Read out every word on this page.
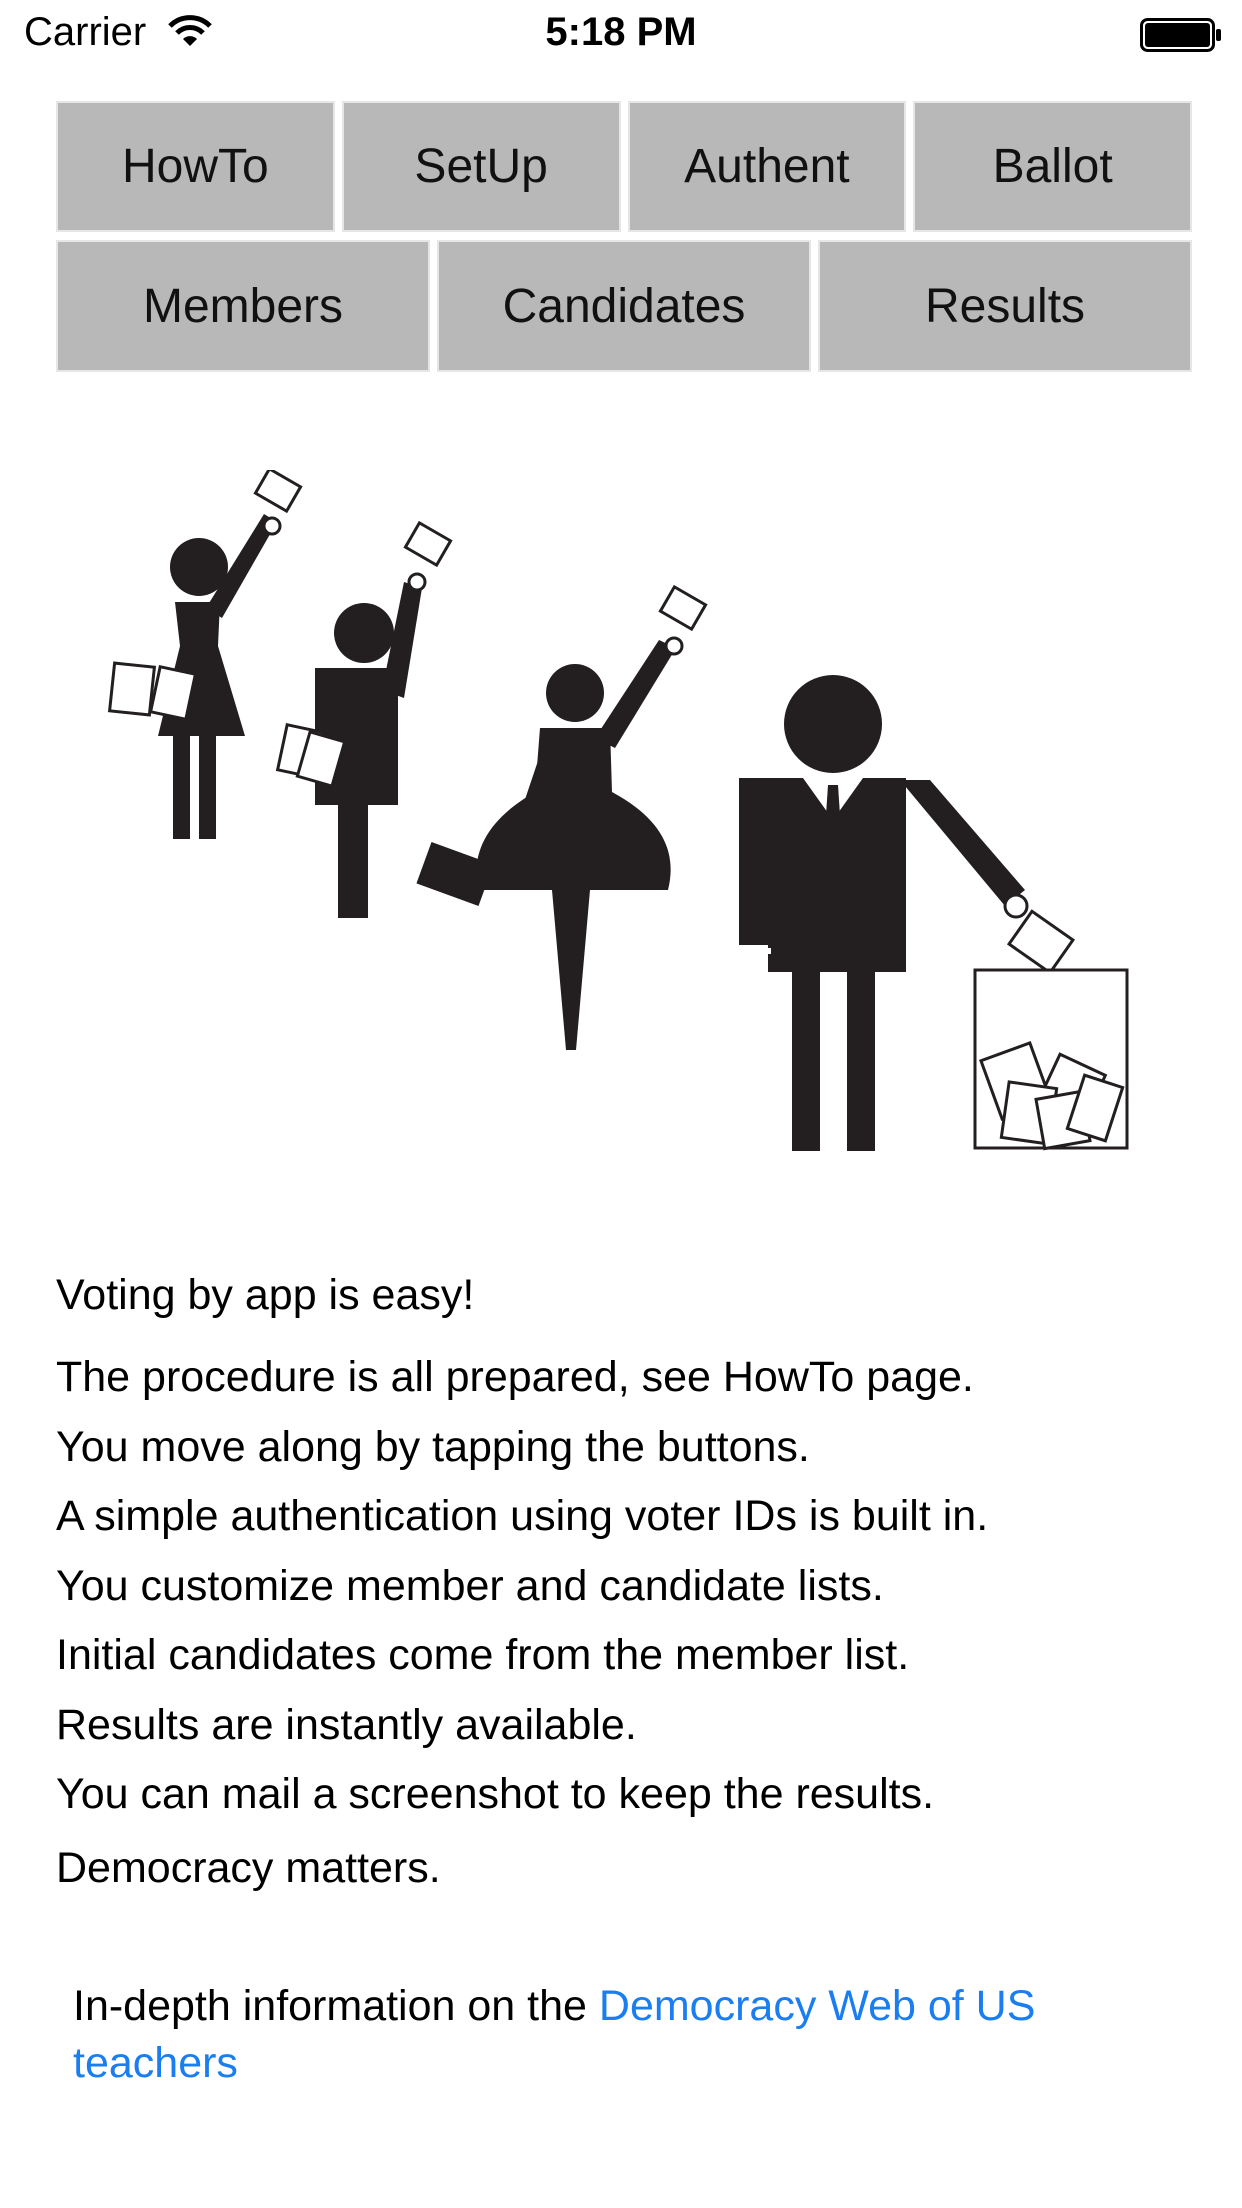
Carrier	5:18 PM
HowTo	SetUp	Authent	Ballot
Members	Candidates	Results

Voting by app is easy!

The procedure is all prepared, see HowTo page.

You move along by tapping the buttons.

A simple authentication using voter IDs is built in.

You customize member and candidate lists.

Initial candidates come from the member list.

Results are instantly available.

You can mail a screenshot to keep the results.

Democracy matters.

In-depth information on the Democracy Web of US teachers
